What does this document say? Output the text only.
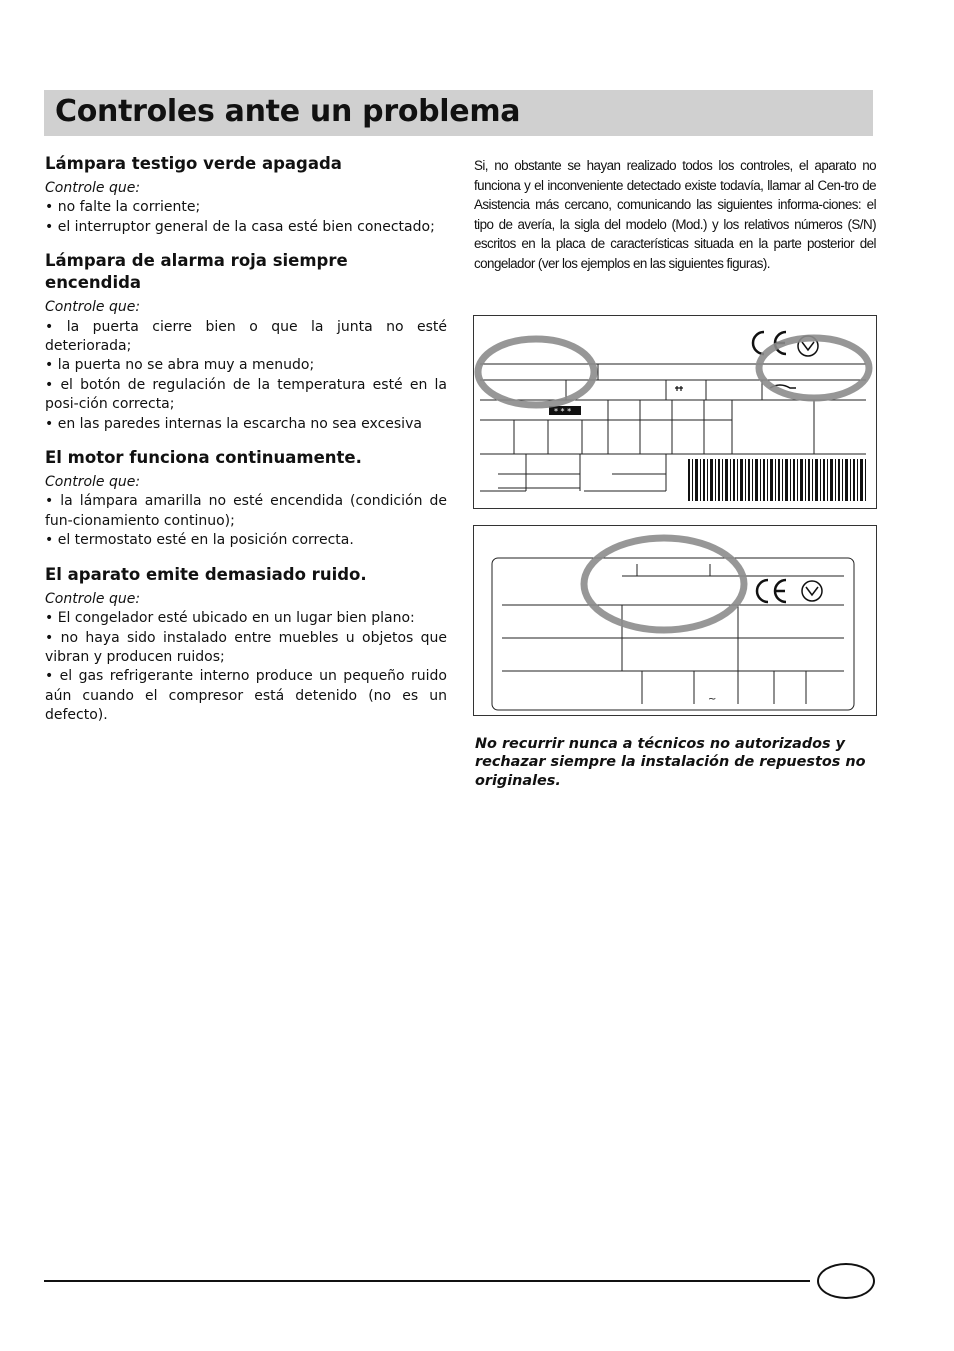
Controles ante un problema
Lámpara testigo verde apagada
Controle que:
• no falte la corriente;
• el interruptor general de la casa esté bien conectado;
Lámpara de alarma roja siempre encendida
Controle que:
• la puerta cierre bien o que la junta no esté deteriorada;
• la puerta no se abra muy a menudo;
• el botón de regulación de la temperatura esté en la posi-ción correcta;
• en las paredes internas la escarcha no sea excesiva
El motor funciona continuamente.
Controle que:
• la lámpara amarilla no esté encendida (condición de fun-cionamiento continuo);
• el termostato esté en la posición correcta.
El aparato emite demasiado ruido.
Controle que:
• El congelador esté ubicado en un lugar bien plano:
• no haya sido instalado entre muebles u objetos que vibran y producen ruidos;
• el gas refrigerante interno produce un pequeño ruido aún cuando el compresor está detenido (no es un defecto).
Si, no obstante se hayan realizado todos los controles, el aparato no funciona y el inconveniente detectado existe todavía, llamar al Cen-tro de Asistencia más cercano, comunicando las siguientes informa-ciones: el tipo de avería, la sigla del modelo (Mod.) y los relativos números (S/N) escritos en la placa de características situada en la parte posterior del congelador (ver los ejemplos en las siguientes figuras).
* * *
~
No recurrir nunca a técnicos no autorizados y rechazar siempre la instalación de repuestos no originales.
